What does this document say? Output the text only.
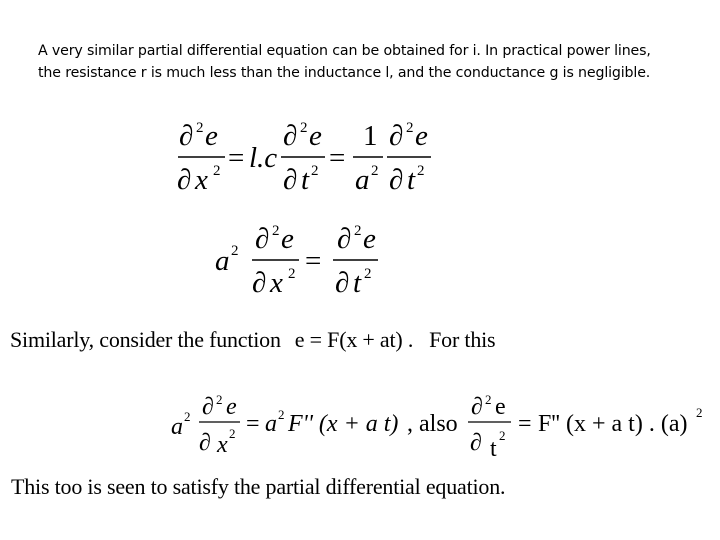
A very similar partial differential equation can be obtained for i. In practical power lines,

the resistance r is much less than the inductance l, and the conductance g is negligible.

∂ 2 e
∂ x 2 = l.c
∂ 2 e
∂ t 2 =
1
a 2
∂ 2 e
∂ t 2
a 2 ∂ 2 e
∂ x 2 =
∂ 2 e
∂ t 2
Similarly, consider the function e = F(x + at) . For this
a 2 ∂ 2 e
∂ x 2 = a 2 F'' (x + a t) , also
∂ 2 e
∂ t
2 = F'' (x + a t) . (a) 2
This too is seen to satisfy the partial differential equation.
